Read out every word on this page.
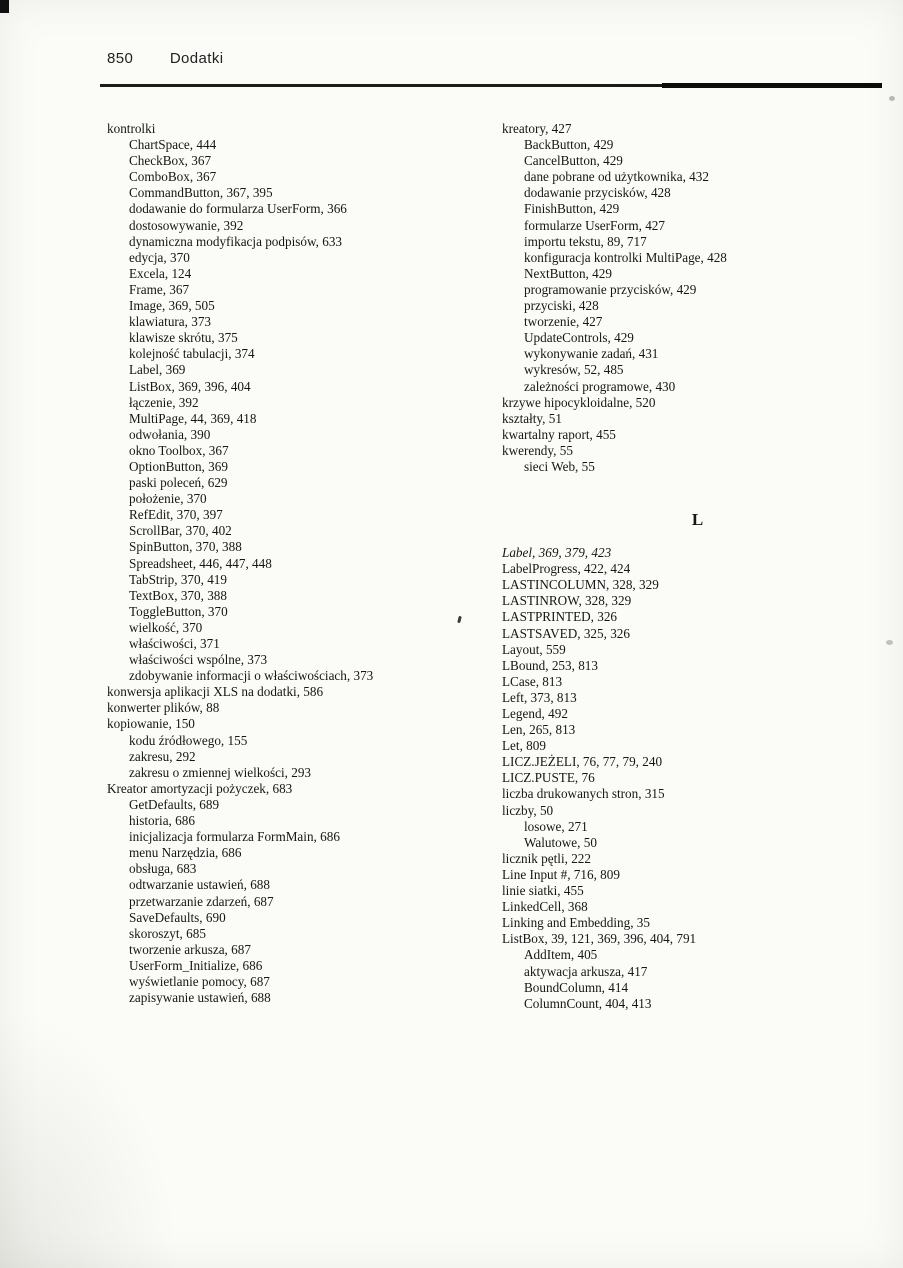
850 Dodatki
kontrolki
ChartSpace, 444
CheckBox, 367
ComboBox, 367
CommandButton, 367, 395
dodawanie do formularza UserForm, 366
dostosowywanie, 392
dynamiczna modyfikacja podpisów, 633
edycja, 370
Excela, 124
Frame, 367
Image, 369, 505
klawiatura, 373
klawisze skrótu, 375
kolejność tabulacji, 374
Label, 369
ListBox, 369, 396, 404
łączenie, 392
MultiPage, 44, 369, 418
odwołania, 390
okno Toolbox, 367
OptionButton, 369
paski poleceń, 629
położenie, 370
RefEdit, 370, 397
ScrollBar, 370, 402
SpinButton, 370, 388
Spreadsheet, 446, 447, 448
TabStrip, 370, 419
TextBox, 370, 388
ToggleButton, 370
wielkość, 370
właściwości, 371
właściwości wspólne, 373
zdobywanie informacji o właściwościach, 373
konwersja aplikacji XLS na dodatki, 586
konwerter plików, 88
kopiowanie, 150
kodu źródłowego, 155
zakresu, 292
zakresu o zmiennej wielkości, 293
Kreator amortyzacji pożyczek, 683
GetDefaults, 689
historia, 686
inicjalizacja formularza FormMain, 686
menu Narzędzia, 686
obsługa, 683
odtwarzanie ustawień, 688
przetwarzanie zdarzeń, 687
SaveDefaults, 690
skoroszyt, 685
tworzenie arkusza, 687
UserForm_Initialize, 686
wyświetlanie pomocy, 687
zapisywanie ustawień, 688
kreatory, 427
BackButton, 429
CancelButton, 429
dane pobrane od użytkownika, 432
dodawanie przycisków, 428
FinishButton, 429
formularze UserForm, 427
importu tekstu, 89, 717
konfiguracja kontrolki MultiPage, 428
NextButton, 429
programowanie przycisków, 429
przyciski, 428
tworzenie, 427
UpdateControls, 429
wykonywanie zadań, 431
wykresów, 52, 485
zależności programowe, 430
krzywe hipocykloidalne, 520
kształty, 51
kwartalny raport, 455
kwerendy, 55
sieci Web, 55
L
Label, 369, 379, 423
LabelProgress, 422, 424
LASTINCOLUMN, 328, 329
LASTINROW, 328, 329
LASTPRINTED, 326
LASTSAVED, 325, 326
Layout, 559
LBound, 253, 813
LCase, 813
Left, 373, 813
Legend, 492
Len, 265, 813
Let, 809
LICZ.JEŻELI, 76, 77, 79, 240
LICZ.PUSTE, 76
liczba drukowanych stron, 315
liczby, 50
losowe, 271
Walutowe, 50
licznik pętli, 222
Line Input #, 716, 809
linie siatki, 455
LinkedCell, 368
Linking and Embedding, 35
ListBox, 39, 121, 369, 396, 404, 791
AddItem, 405
aktywacja arkusza, 417
BoundColumn, 414
ColumnCount, 404, 413
